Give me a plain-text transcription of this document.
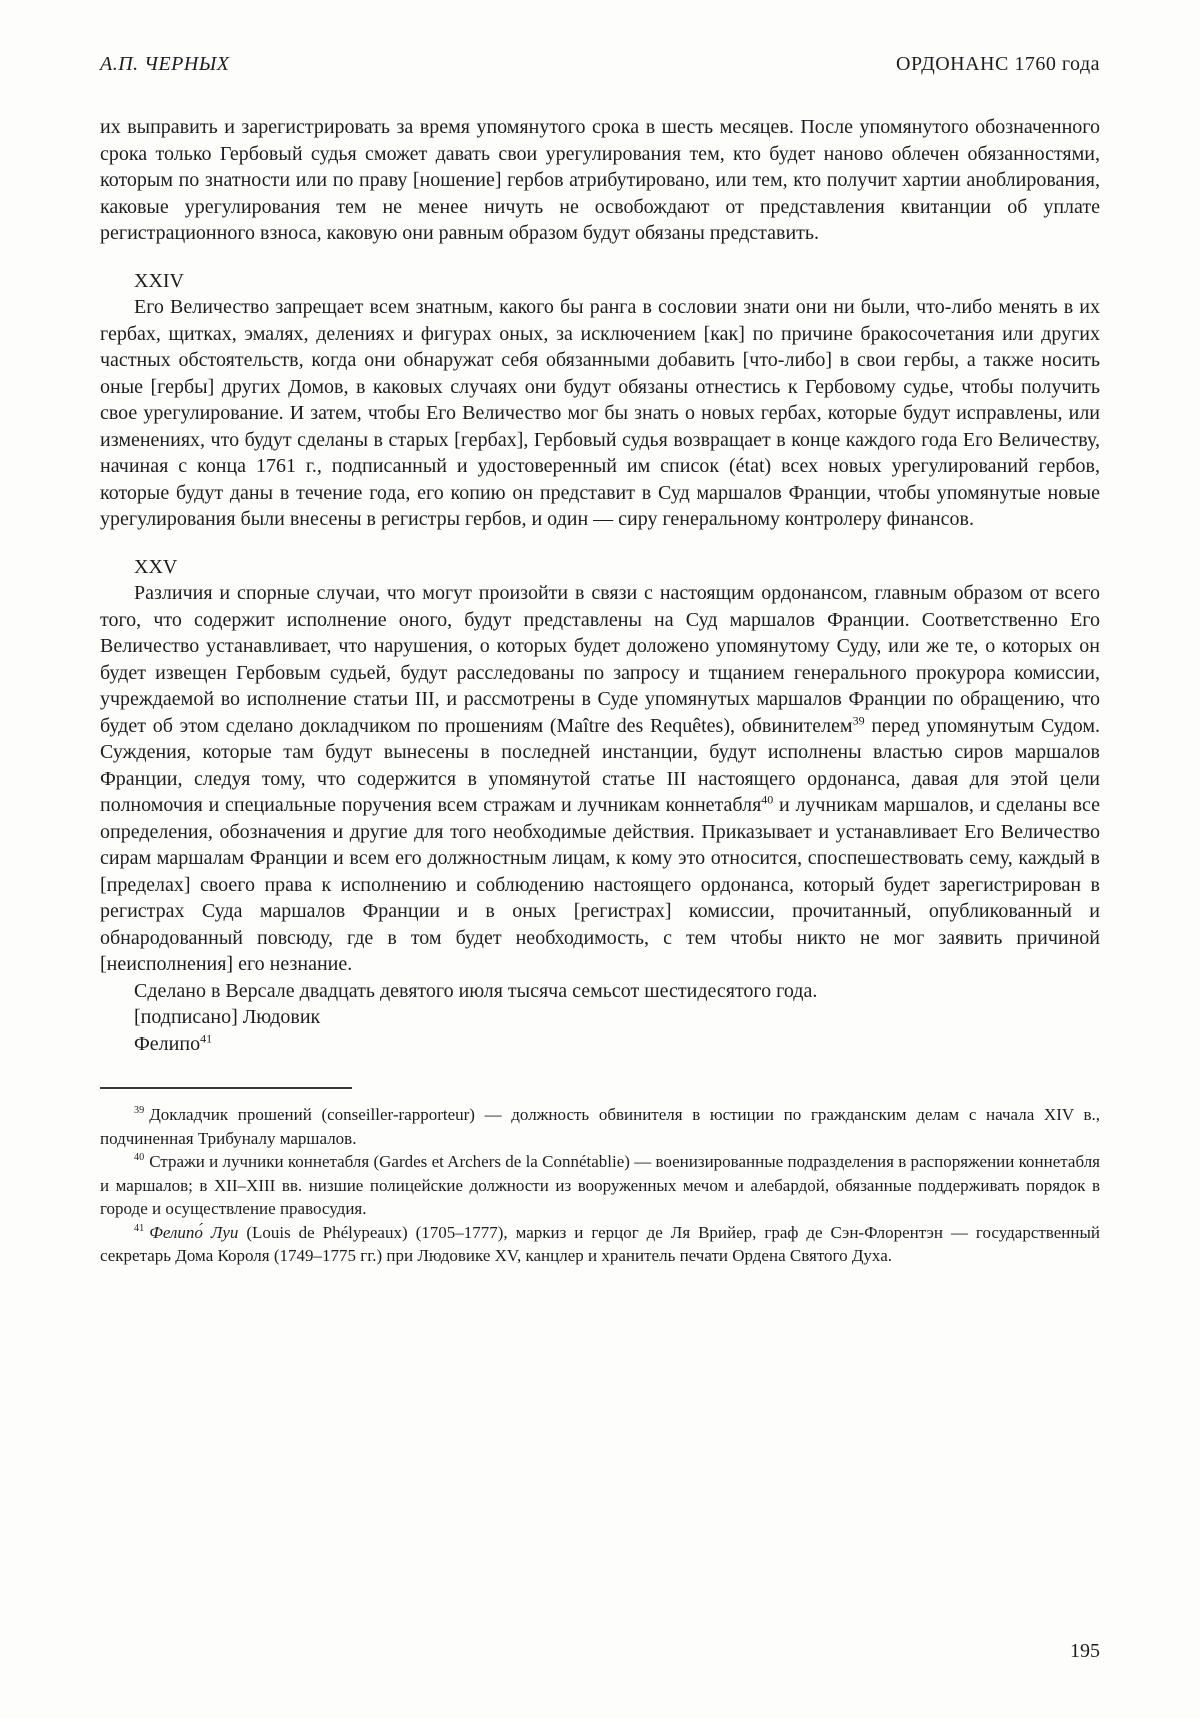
А.П. ЧЕРНЫХ	ОРДОНАНС 1760 года

их выправить и зарегистрировать за время упомянутого срока в шесть месяцев. После упомянутого обозначенного срока только Гербовый судья сможет давать свои урегулирования тем, кто будет наново облечен обязанностями, которым по знатности или по праву [ношение] гербов атрибутировано, или тем, кто получит хартии аноблирования, каковые урегулирования тем не менее ничуть не освобождают от представления квитанции об уплате регистрационного взноса, каковую они равным образом будут обязаны представить.

XXIV

Его Величество запрещает всем знатным, какого бы ранга в сословии знати они ни были, что-либо менять в их гербах, щитках, эмалях, делениях и фигурах оных, за исключением [как] по причине бракосочетания или других частных обстоятельств, когда они обнаружат себя обязанными добавить [что-либо] в свои гербы, а также носить оные [гербы] других Домов, в каковых случаях они будут обязаны отнестись к Гербовому судье, чтобы получить свое урегулирование. И затем, чтобы Его Величество мог бы знать о новых гербах, которые будут исправлены, или изменениях, что будут сделаны в старых [гербах], Гербовый судья возвращает в конце каждого года Его Величеству, начиная с конца 1761 г., подписанный и удостоверенный им список (état) всех новых урегулирований гербов, которые будут даны в течение года, его копию он представит в Суд маршалов Франции, чтобы упомянутые новые урегулирования были внесены в регистры гербов, и один — сиру генеральному контролеру финансов.

XXV

Различия и спорные случаи, что могут произойти в связи с настоящим ордонансом, главным образом от всего того, что содержит исполнение оного, будут представлены на Суд маршалов Франции. Соответственно Его Величество устанавливает, что нарушения, о которых будет доложено упомянутому Суду, или же те, о которых он будет извещен Гербовым судьей, будут расследованы по запросу и тщанием генерального прокурора комиссии, учреждаемой во исполнение статьи III, и рассмотрены в Суде упомянутых маршалов Франции по обращению, что будет об этом сделано докладчиком по прошениям (Maître des Requêtes), обвинителем$^{39}$ перед упомянутым Судом. Суждения, которые там будут вынесены в последней инстанции, будут исполнены властью сиров маршалов Франции, следуя тому, что содержится в упомянутой статье III настоящего ордонанса, давая для этой цели полномочия и специальные поручения всем стражам и лучникам коннетабля$^{40}$ и лучникам маршалов, и сделаны все определения, обозначения и другие для того необходимые действия. Приказывает и устанавливает Его Величество сирам маршалам Франции и всем его должностным лицам, к кому это относится, споспешествовать сему, каждый в [пределах] своего права к исполнению и соблюдению настоящего ордонанса, который будет зарегистрирован в регистрах Суда маршалов Франции и в оных [регистрах] комиссии, прочитанный, опубликованный и обнародованный повсюду, где в том будет необходимость, с тем чтобы никто не мог заявить причиной [неисполнения] его незнание.

Сделано в Версале двадцать девятого июля тысяча семьсот шестидесятого года.

[подписано] Людовик

Фелипо$^{41}$

$^{39}$ Докладчик прошений (conseiller-rapporteur) — должность обвинителя в юстиции по гражданским делам с начала XIV в., подчиненная Трибуналу маршалов.

$^{40}$ Стражи и лучники коннетабля (Gardes et Archers de la Connétablie) — военизированные подразделения в распоряжении коннетабля и маршалов; в XII–XIII вв. низшие полицейские должности из вооруженных мечом и алебардой, обязанные поддерживать порядок в городе и осуществление правосудия.

$^{41}$ Фелипо́ Луи (Louis de Phélypeaux) (1705–1777), маркиз и герцог де Ля Врийер, граф де Сэн-Флорентэн — государственный секретарь Дома Короля (1749–1775 гг.) при Людовике XV, канцлер и хранитель печати Ордена Святого Духа.

195
